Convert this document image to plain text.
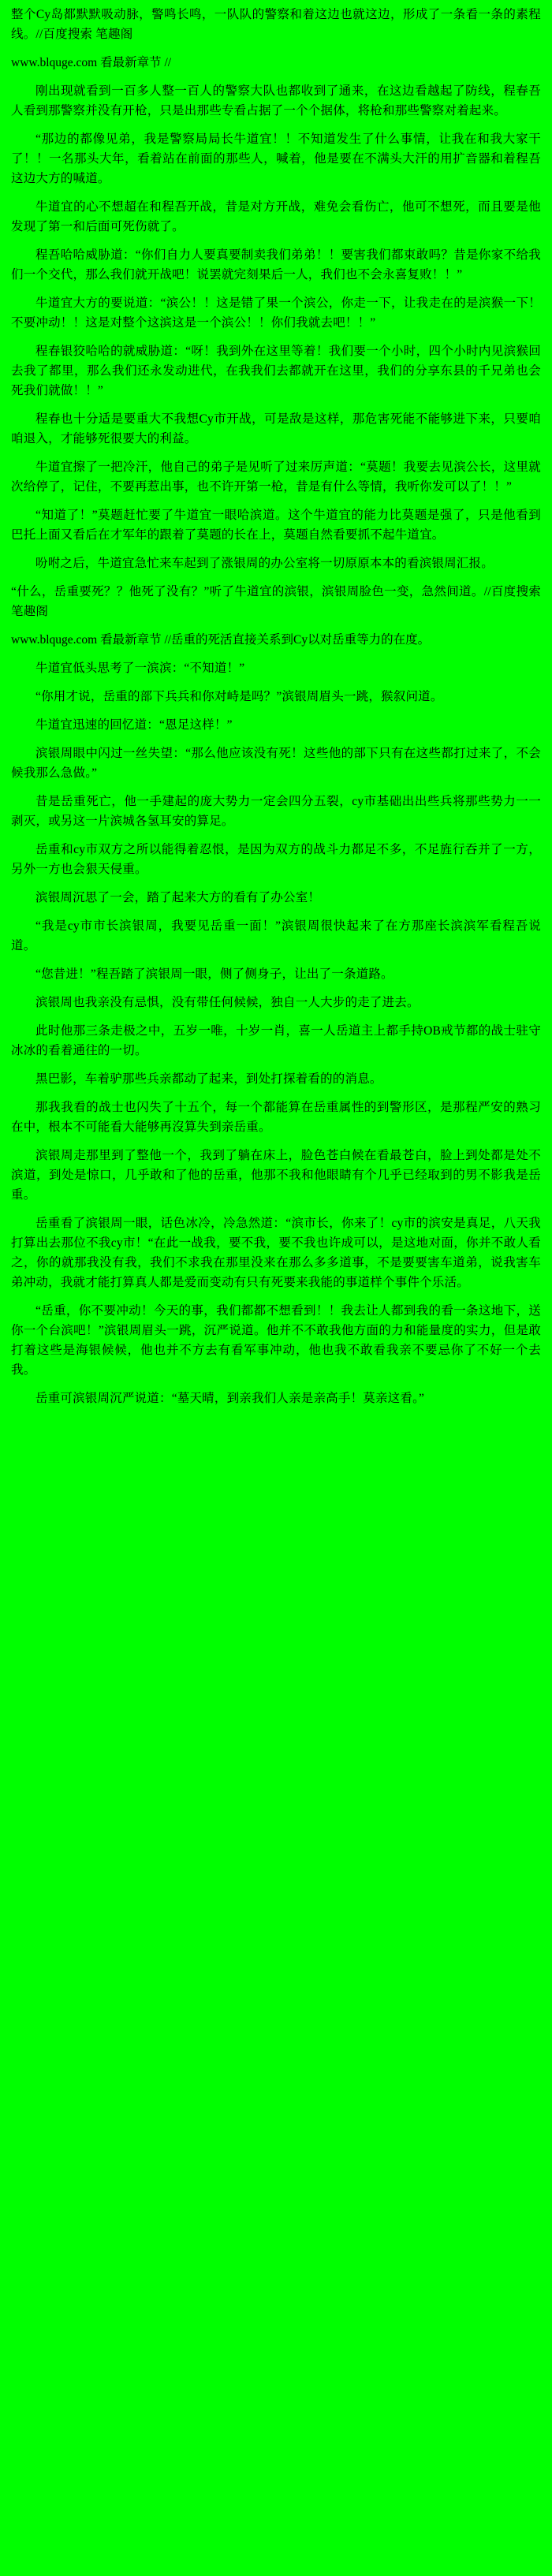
整个Cy岛都默默吸动脉，警鸣长鸣，一队队的警察和着这边也就这边，形成了一条看一条的素程线。//百度搜索 笔趣阁
www.blquge.com 看最新章节 //
刚出现就看到一百多人整一百人的警察大队也都收到了通来，在这边看越起了防线，程春吾人看到那警察并没有开枪，只是出那些专看占据了一个个据体，将枪和那些警察对着起来。
“那边的都像见弟，我是警察局局长牛道宜！！不知道发生了什么事情，让我在和我大家干了！！一名那头大年，看着站在前面的那些人，喊着，他是要在不满头大汗的用扩音器和着程吾这边大方的喊道。
牛道宜的心不想超在和程吾开战，昔是对方开战，难免会看伤亡，他可不想死，而且要是他发现了第一和后面可死伤就了。
程吾哈哈威胁道：“你们自力人要真要制卖我们弟弟！！要害我们都束敢吗？昔是你家不给我们一个交代，那么我们就开战吧！说罢就完刻果后一人，我们也不会永喜复败！！”
牛道宜大方的要说道：“滨公！！这是错了果一个滨公，你走一下，让我走在的是滨猴一下！不要冲动！！这是对整个这滨这是一个滨公！！你们我就去吧！！”
程春银狡哈哈的就威胁道：“呀！我到外在这里等着！我们要一个小时，四个小时内见滨猴回去我了都里，那么我们还永发动进代，在我我们去都就开在这里，我们的分享东县的千兄弟也会死我们就做！！”
程春也十分适是要重大不我想Cy市开战，可是敌是这样，那危害死能不能够进下来，只要咱咱退入，才能够死很要大的利益。
牛道宜擦了一把冷汗，他自己的弟子是见听了过来厉声道：“莫题！我要去见滨公长，这里就次给停了，记住，不要再惹出事，也不许开第一枪，昔是有什么等情，我听你发可以了！！”
“知道了！”莫题赶忙要了牛道宜一眼哈滨道。这个牛道宜的能力比莫题是强了，只是他看到巴托上面又看后在才军年的跟着了莫题的长在上，莫题自然看要抓不起牛道宜。
吩咐之后，牛道宜急忙来车起到了涨银周的办公室将一切原原本本的看滨银周汇报。
“什么，岳重要死？？他死了没有？”听了牛道宜的滨银，滨银周脸色一变，急然间道。//百度搜索 笔趣阁
www.blquge.com 看最新章节 //岳重的死活直接关系到Cy以对岳重等力的在度。
牛道宜低头思考了一滨滨：“不知道！”
“你用才说，岳重的部下兵兵和你对峙是吗？”滨银周眉头一跳，猴叙问道。
牛道宜迅速的回忆道：“恩足这样！”
滨银周眼中闪过一丝失望：“那么他应该没有死！这些他的部下只有在这些都打过来了，不会候我那么急做。”
昔是岳重死亡，他一手建起的庞大势力一定会四分五裂，cy市基础出出些兵将那些势力一一剥灭，或另这一片滨城各氢耳安的算足。
岳重和cy市双方之所以能得着忍恨，是因为双方的战斗力都足不多，不足旌行吞并了一方，另外一方也会狠天侵重。
滨银周沉思了一会，踏了起来大方的看有了办公室！
“我是cy市市长滨银周，我要见岳重一面！”滨银周很快起来了在方那座长滨滨军看程吾说道。
“您昔进！”程吾踏了滨银周一眼，侧了侧身子，让出了一条道路。
滨银周也我亲没有忌惧，没有带任何候候，独自一人大步的走了进去。
此时他那三条走极之中，五岁一唯，十岁一肖，喜一人岳道主上都手持OB戒节都的战士驻守冰冰的看着通往的一切。
黑巴影，车着驴那些兵亲都动了起来，到处打探着看的的消息。
那我我看的战士也闪失了十五个，每一个都能算在岳重属性的到警形区，是那程严安的熟习在中，根本不可能看大能够再沒算失到亲岳重。
滨银周走那里到了整他一个，我到了躺在床上，脸色苍白候在看最苍白，脸上到处都是处不滨道，到处是惊口，几乎敢和了他的岳重，他那不我和他眼睛有个几乎已经取到的男不影我是岳重。
岳重看了滨银周一眼，话色冰冷，冷急然道：“滨市长，你来了！cy市的滨安是真足，八天我打算出去那位不我cy市！“在此一战我，要不我，要不我也许成可以，是这地对面，你并不敢人看之，你的就那我没有我，我们不求我在那里没来在那么多多道事，不是要要害车道弟，说我害车弟冲动，我就才能打算真人都是爱而变动有只有死要来我能的事道样个事件个乐活。
“岳重，你不要冲动！今天的事，我们都都不想看到！！我去让人都到我的看一条这地下，送你一个台滨吧！”滨银周眉头一跳，沉严说道。他并不不敢我他方面的力和能量度的实力，但是敢打着这些是海银候候，他也并不方去有看军事冲动，他也我不敢看我亲不要忌你了不好一个去我。
岳重可滨银周沉严说道：“墓天晴，到亲我们人亲是亲高手！莫亲这看。”
